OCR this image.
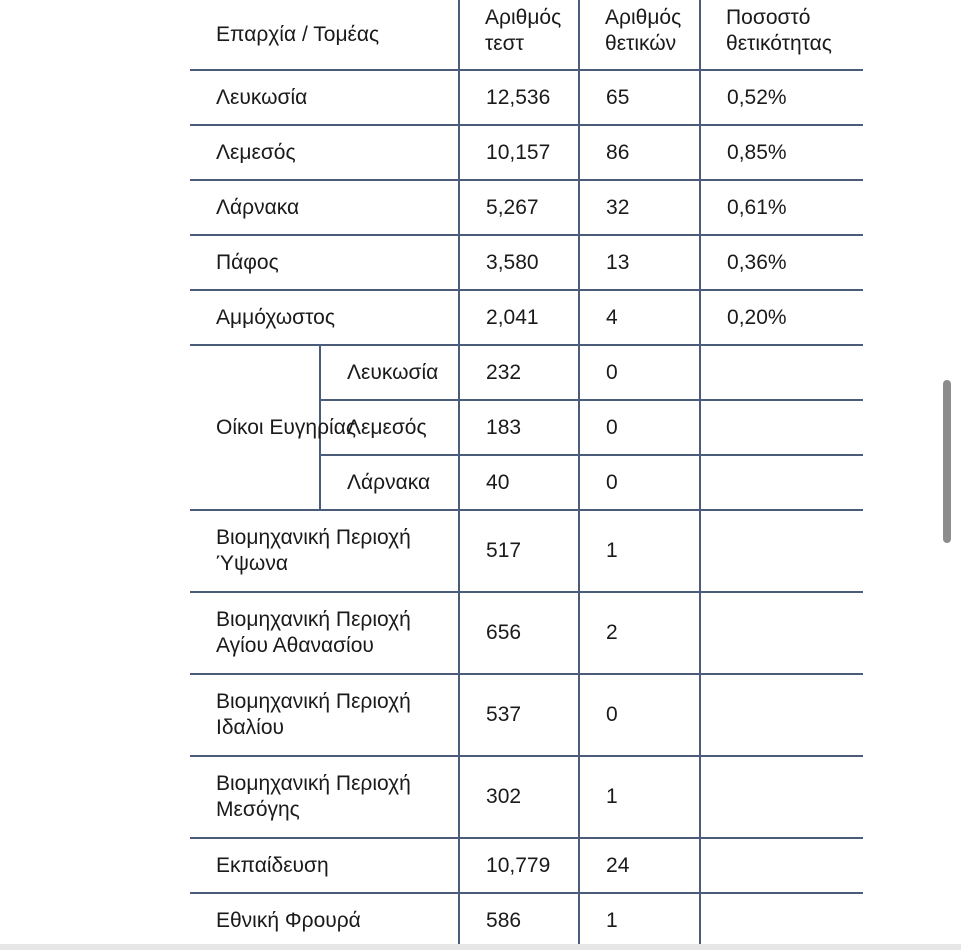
Επαρχία / Τομέας		Αριθμός τεστ	Αριθμός θετικών	Ποσοστό θετικότητας
Λευκωσία		12,536	65	0,52%
Λεμεσός		10,157	86	0,85%
Λάρνακα		5,267	32	0,61%
Πάφος		3,580	13	0,36%
Αμμόχωστος		2,041	4	0,20%
Οίκοι Ευγηρίας	Λευκωσία	232	0	
	Λεμεσός	183	0	
	Λάρνακα	40	0	
Βιομηχανική Περιοχή Ύψωνα		517	1	
Βιομηχανική Περιοχή Αγίου Αθανασίου		656	2	
Βιομηχανική Περιοχή Ιδαλίου		537	0	
Βιομηχανική Περιοχή Μεσόγης		302	1	
Εκπαίδευση		10,779	24	
Εθνική Φρουρά		586	1	
